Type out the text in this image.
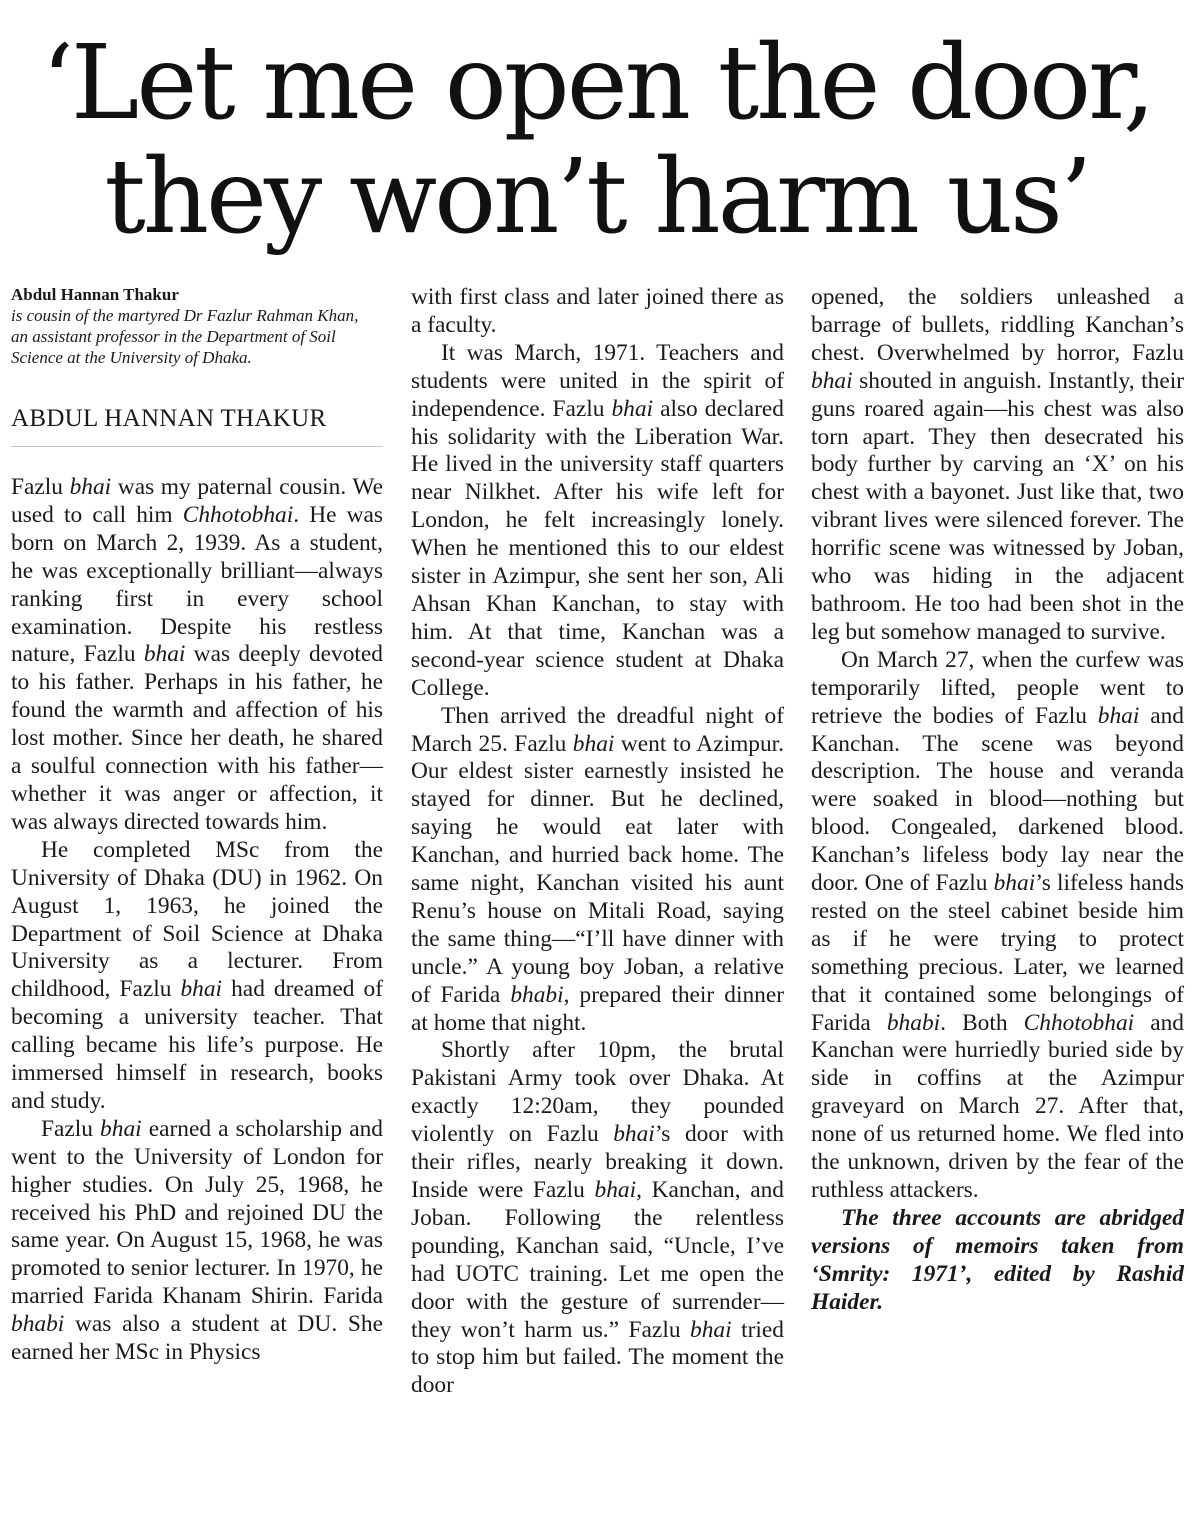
‘Let me open the door,
they won’t harm us’

Abdul Hannan Thakur

is cousin of the martyred Dr Fazlur Rahman Khan, an assistant professor in the Department of Soil Science at the University of Dhaka.

ABDUL HANNAN THAKUR

Fazlu bhai was my paternal cousin. We used to call him Chhotobhai. He was born on March 2, 1939. As a student, he was exceptionally brilliant—always ranking first in every school examination. Despite his restless nature, Fazlu bhai was deeply devoted to his father. Perhaps in his father, he found the warmth and affection of his lost mother. Since her death, he shared a soulful connection with his father—whether it was anger or affection, it was always directed towards him.

He completed MSc from the University of Dhaka (DU) in 1962. On August 1, 1963, he joined the Department of Soil Science at Dhaka University as a lecturer. From childhood, Fazlu bhai had dreamed of becoming a university teacher. That calling became his life’s purpose. He immersed himself in research, books and study.

Fazlu bhai earned a scholarship and went to the University of London for higher studies. On July 25, 1968, he received his PhD and rejoined DU the same year. On August 15, 1968, he was promoted to senior lecturer. In 1970, he married Farida Khanam Shirin. Farida bhabi was also a student at DU. She earned her MSc in Physics

with first class and later joined there as a faculty.

It was March, 1971. Teachers and students were united in the spirit of independence. Fazlu bhai also declared his solidarity with the Liberation War. He lived in the university staff quarters near Nilkhet. After his wife left for London, he felt increasingly lonely. When he mentioned this to our eldest sister in Azimpur, she sent her son, Ali Ahsan Khan Kanchan, to stay with him. At that time, Kanchan was a second-year science student at Dhaka College.

Then arrived the dreadful night of March 25. Fazlu bhai went to Azimpur. Our eldest sister earnestly insisted he stayed for dinner. But he declined, saying he would eat later with Kanchan, and hurried back home. The same night, Kanchan visited his aunt Renu’s house on Mitali Road, saying the same thing—“I’ll have dinner with uncle.” A young boy Joban, a relative of Farida bhabi, prepared their dinner at home that night.

Shortly after 10pm, the brutal Pakistani Army took over Dhaka. At exactly 12:20am, they pounded violently on Fazlu bhai’s door with their rifles, nearly breaking it down. Inside were Fazlu bhai, Kanchan, and Joban. Following the relentless pounding, Kanchan said, “Uncle, I’ve had UOTC training. Let me open the door with the gesture of surrender—they won’t harm us.” Fazlu bhai tried to stop him but failed. The moment the door

opened, the soldiers unleashed a barrage of bullets, riddling Kanchan’s chest. Overwhelmed by horror, Fazlu bhai shouted in anguish. Instantly, their guns roared again—his chest was also torn apart. They then desecrated his body further by carving an ‘X’ on his chest with a bayonet. Just like that, two vibrant lives were silenced forever. The horrific scene was witnessed by Joban, who was hiding in the adjacent bathroom. He too had been shot in the leg but somehow managed to survive.

On March 27, when the curfew was temporarily lifted, people went to retrieve the bodies of Fazlu bhai and Kanchan. The scene was beyond description. The house and veranda were soaked in blood—nothing but blood. Congealed, darkened blood. Kanchan’s lifeless body lay near the door. One of Fazlu bhai’s lifeless hands rested on the steel cabinet beside him as if he were trying to protect something precious. Later, we learned that it contained some belongings of Farida bhabi. Both Chhotobhai and Kanchan were hurriedly buried side by side in coffins at the Azimpur graveyard on March 27. After that, none of us returned home. We fled into the unknown, driven by the fear of the ruthless attackers.

The three accounts are abridged versions of memoirs taken from ‘Smrity: 1971’, edited by Rashid Haider.
